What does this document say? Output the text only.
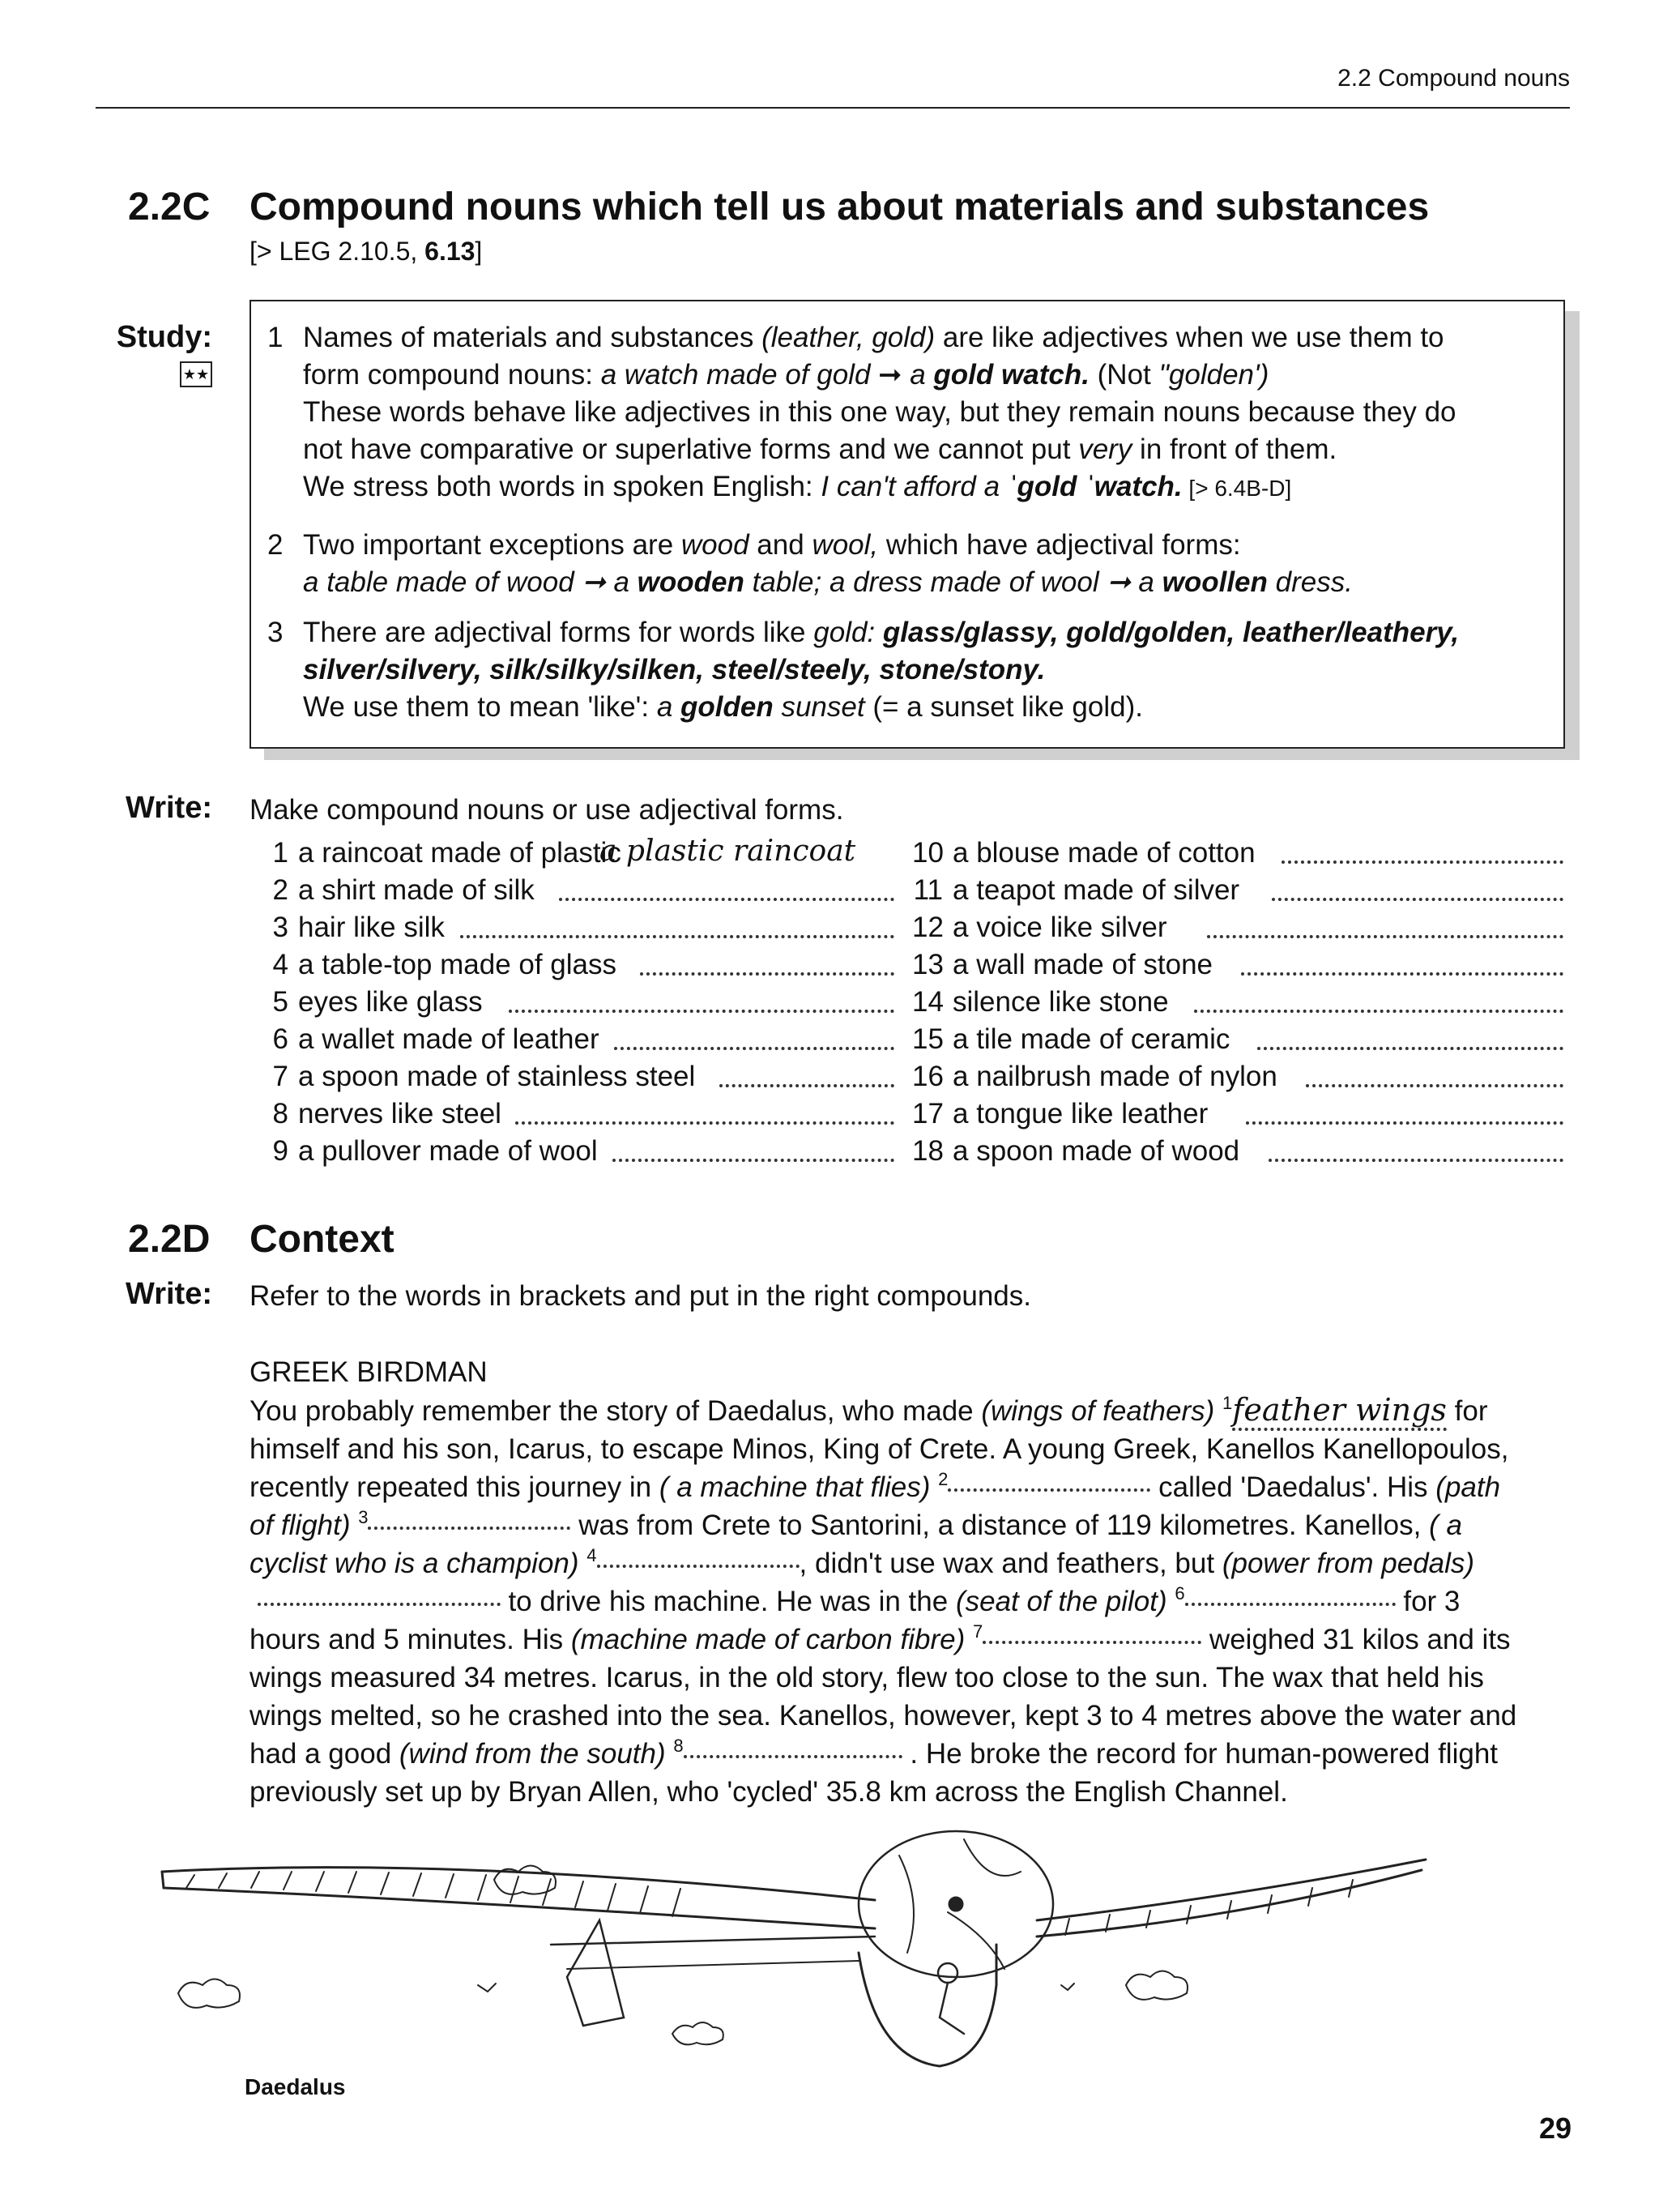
2.2 Compound nouns
2.2C Compound nouns which tell us about materials and substances
[> LEG 2.10.5, 6.13]
Study:
★★
1 Names of materials and substances (leather, gold) are like adjectives when we use them to

form compound nouns: a watch made of gold ➞ a gold watch. (Not "golden')

These words behave like adjectives in this one way, but they remain nouns because they do

not have comparative or superlative forms and we cannot put very in front of them.

We stress both words in spoken English: I can't afford a ˈgold ˈwatch. [> 6.4B-D]

2 Two important exceptions are wood and wool, which have adjectival forms:

a table made of wood ➞ a wooden table; a dress made of wool ➞ a woollen dress.

3 There are adjectival forms for words like gold: glass/glassy, gold/golden, leather/leathery,

silver/silvery, silk/silky/silken, steel/steely, stone/stony.

We use them to mean 'like': a golden sunset (= a sunset like gold).

Write: Make compound nouns or use adjectival forms.
1 a raincoat made of plastic
a plastic raincoat
2 a shirt made of silk
3 hair like silk
4 a table-top made of glass
5 eyes like glass
6 a wallet made of leather
7 a spoon made of stainless steel
8 nerves like steel
9 a pullover made of wool
10 a blouse made of cotton
11 a teapot made of silver
12 a voice like silver
13 a wall made of stone
14 silence like stone
15 a tile made of ceramic
16 a nailbrush made of nylon
17 a tongue like leather
18 a spoon made of wood
2.2D Context
Write: Refer to the words in brackets and put in the right compounds.

GREEK BIRDMAN

You probably remember the story of Daedalus, who made (wings of feathers) $^1$feather wings for

himself and his son, Icarus, to escape Minos, King of Crete. A young Greek, Kanellos Kanellopoulos,

recently repeated this journey in ( a machine that flies) $^2$	called 'Daedalus'. His (path

of flight) $^3$	was from Crete to Santorini, a distance of 119 kilometres. Kanellos, ( a

cyclist who is a champion) $^4$	, didn't use wax and feathers, but (power from pedals)

to drive his machine. He was in the (seat of the pilot) $^6$	for 3

hours and 5 minutes. His (machine made of carbon fibre) $^7$	weighed 31 kilos and its

wings measured 34 metres. Icarus, in the old story, flew too close to the sun. The wax that held his

wings melted, so he crashed into the sea. Kanellos, however, kept 3 to 4 metres above the water and

had a good (wind from the south) $^8$	. He broke the record for human-powered flight

previously set up by Bryan Allen, who 'cycled' 35.8 km across the English Channel.

Daedalus
29
